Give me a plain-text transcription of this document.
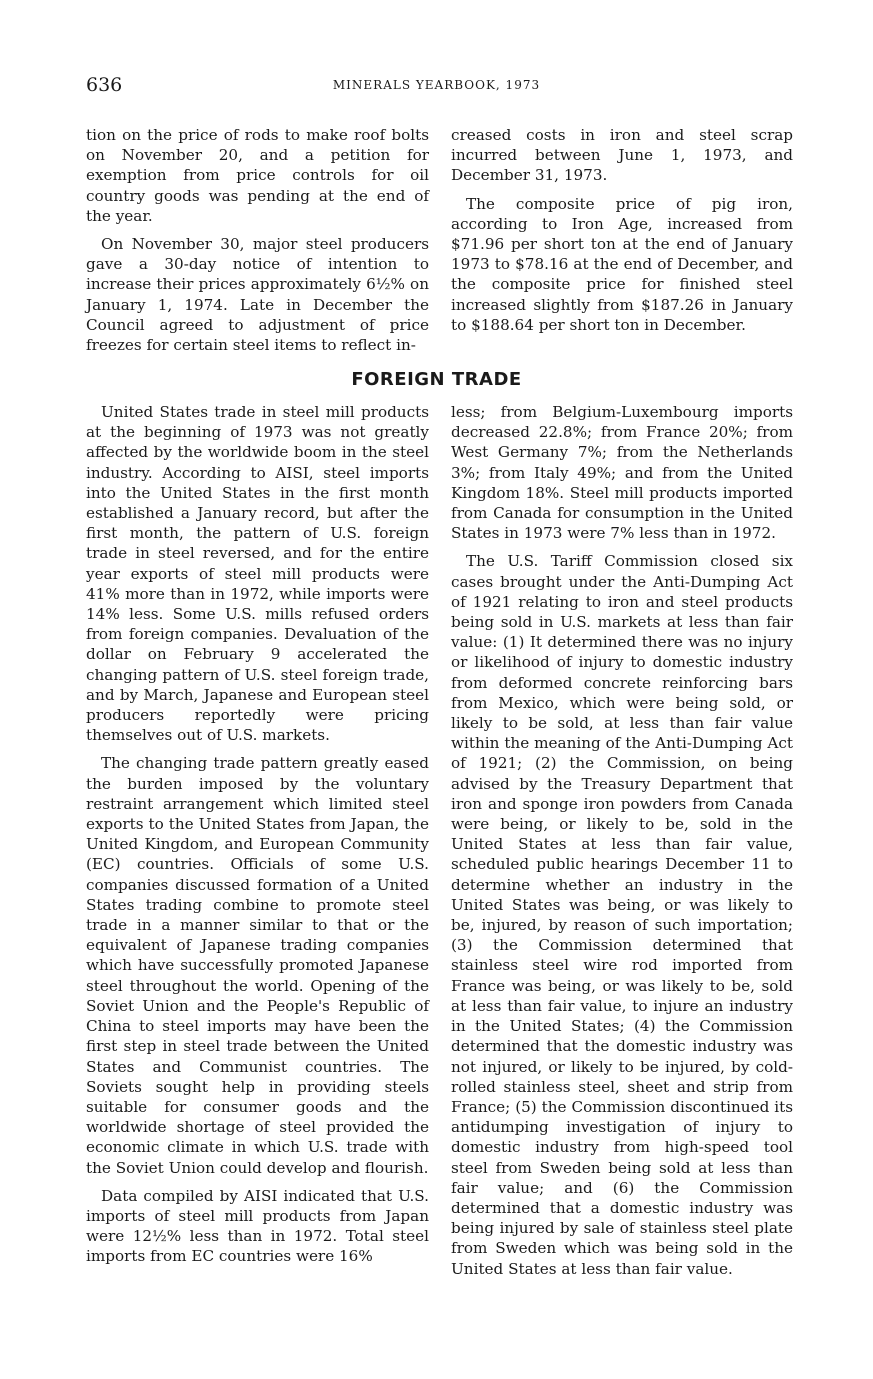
636	MINERALS YEARBOOK, 1973

tion on the price of rods to make roof bolts on November 20, and a petition for exemption from price controls for oil country goods was pending at the end of the year.

On November 30, major steel producers gave a 30-day notice of intention to increase their prices approximately 6½% on January 1, 1974. Late in December the Council agreed to adjustment of price freezes for certain steel items to reflect in-

creased costs in iron and steel scrap incurred between June 1, 1973, and December 31, 1973.

The composite price of pig iron, according to Iron Age, increased from $71.96 per short ton at the end of January 1973 to $78.16 at the end of December, and the composite price for finished steel increased slightly from $187.26 in January to $188.64 per short ton in December.

FOREIGN TRADE

United States trade in steel mill products at the beginning of 1973 was not greatly affected by the worldwide boom in the steel industry. According to AISI, steel imports into the United States in the first month established a January record, but after the first month, the pattern of U.S. foreign trade in steel reversed, and for the entire year exports of steel mill products were 41% more than in 1972, while imports were 14% less. Some U.S. mills refused orders from foreign companies. Devaluation of the dollar on February 9 accelerated the changing pattern of U.S. steel foreign trade, and by March, Japanese and European steel producers reportedly were pricing themselves out of U.S. markets.

The changing trade pattern greatly eased the burden imposed by the voluntary restraint arrangement which limited steel exports to the United States from Japan, the United Kingdom, and European Community (EC) countries. Officials of some U.S. companies discussed formation of a United States trading combine to promote steel trade in a manner similar to that or the equivalent of Japanese trading companies which have successfully promoted Japanese steel throughout the world. Opening of the Soviet Union and the People's Republic of China to steel imports may have been the first step in steel trade between the United States and Communist countries. The Soviets sought help in providing steels suitable for consumer goods and the worldwide shortage of steel provided the economic climate in which U.S. trade with the Soviet Union could develop and flourish.

Data compiled by AISI indicated that U.S. imports of steel mill products from Japan were 12½% less than in 1972. Total steel imports from EC countries were 16%

less; from Belgium-Luxembourg imports decreased 22.8%; from France 20%; from West Germany 7%; from the Netherlands 3%; from Italy 49%; and from the United Kingdom 18%. Steel mill products imported from Canada for consumption in the United States in 1973 were 7% less than in 1972.

The U.S. Tariff Commission closed six cases brought under the Anti-Dumping Act of 1921 relating to iron and steel products being sold in U.S. markets at less than fair value: (1) It determined there was no injury or likelihood of injury to domestic industry from deformed concrete reinforcing bars from Mexico, which were being sold, or likely to be sold, at less than fair value within the meaning of the Anti-Dumping Act of 1921; (2) the Commission, on being advised by the Treasury Department that iron and sponge iron powders from Canada were being, or likely to be, sold in the United States at less than fair value, scheduled public hearings December 11 to determine whether an industry in the United States was being, or was likely to be, injured, by reason of such importation; (3) the Commission determined that stainless steel wire rod imported from France was being, or was likely to be, sold at less than fair value, to injure an industry in the United States; (4) the Commission determined that the domestic industry was not injured, or likely to be injured, by cold-rolled stainless steel, sheet and strip from France; (5) the Commission discontinued its antidumping investigation of injury to domestic industry from high-speed tool steel from Sweden being sold at less than fair value; and (6) the Commission determined that a domestic industry was being injured by sale of stainless steel plate from Sweden which was being sold in the United States at less than fair value.
